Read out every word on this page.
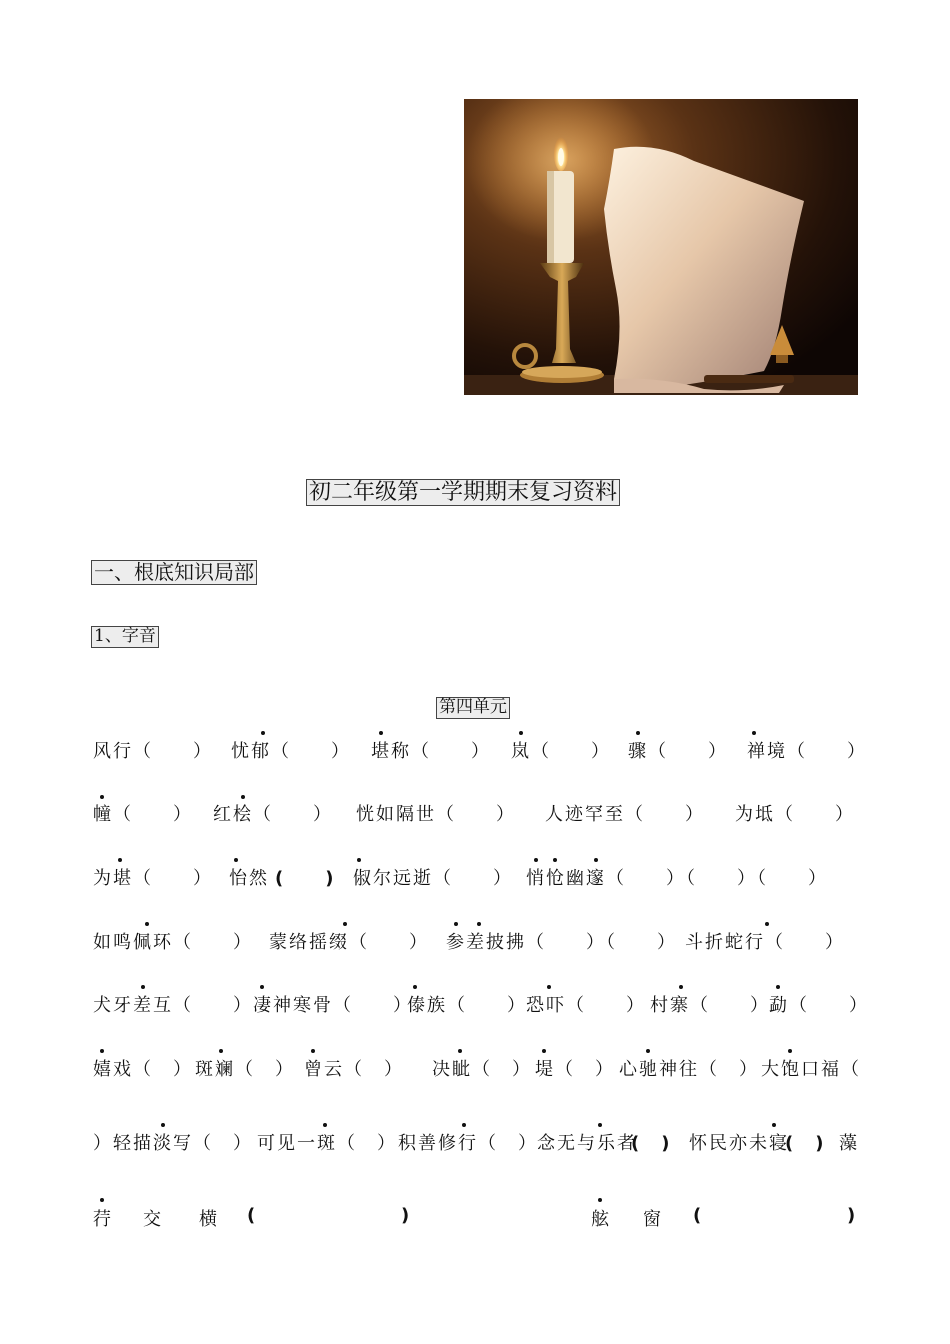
初二年级第一学期期末复习资料
一、根底知识局部
1、字音
第四单元
风行（　　） 忧郁（　　） 堪称（　　） 岚（　　） 骤（　　） 禅境（　　）
幢（　　） 红桧（　　） 恍如隔世（　　） 人迹罕至（　　） 为坻（　　）
为堪（　　） 怡然 (　　) 俶尔远逝（　　） 悄怆幽邃（　　）（　　）（　　）
如鸣佩环（　　） 蒙络摇缀（　　） 参差披拂（　　）（　　） 斗折蛇行（　　）
犬牙差互（　　） 凄神寒骨（　　）
傣族（　　） 恐吓（　　） 村寨（　　） 勐（　　）
嬉戏（　） 斑斓（　） 曾云（　） 决眦（　） 堤（　） 心驰神往（　） 大饱口福（
）轻描淡写（　） 可见一斑（　） 积善修行（　） 念无与乐者
(　) 怀民亦未寝
(　) 藻
荇 交 横 (	)	舷 窗 (	)
